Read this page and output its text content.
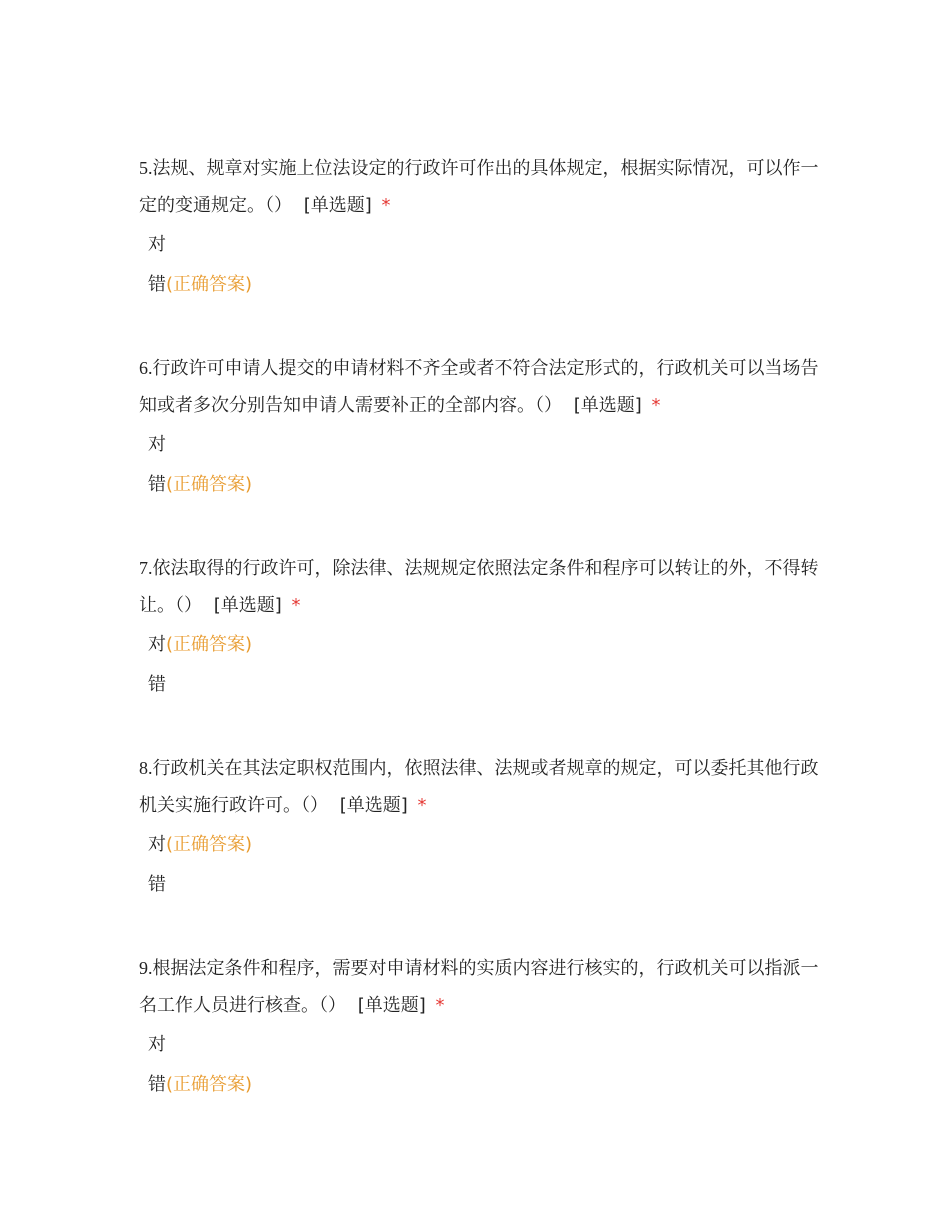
5.法规、规章对实施上位法设定的行政许可作出的具体规定，根据实际情况，可以作一定的变通规定。（） [单选题] *

对
错(正确答案)

6.行政许可申请人提交的申请材料不齐全或者不符合法定形式的，行政机关可以当场告知或者多次分别告知申请人需要补正的全部内容。（） [单选题] *

对
错(正确答案)

7.依法取得的行政许可，除法律、法规规定依照法定条件和程序可以转让的外，不得转让。（） [单选题] *

对(正确答案)
错

8.行政机关在其法定职权范围内，依照法律、法规或者规章的规定，可以委托其他行政机关实施行政许可。（） [单选题] *

对(正确答案)
错

9.根据法定条件和程序，需要对申请材料的实质内容进行核实的，行政机关可以指派一名工作人员进行核查。（） [单选题] *

对
错(正确答案)
